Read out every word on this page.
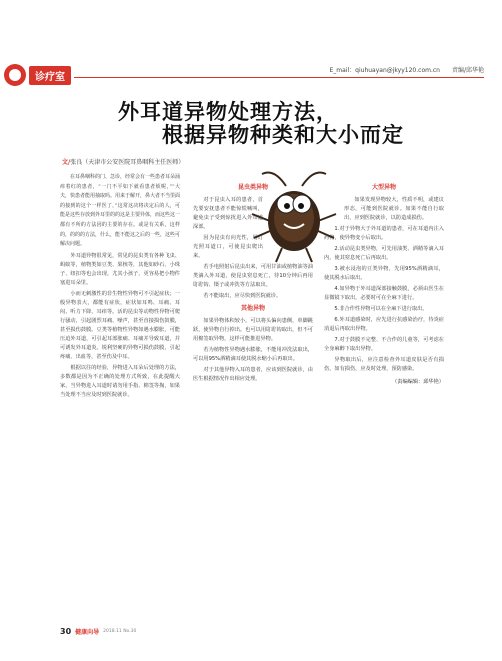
诊疗室
E_mail：qiuhuayan@jkyy120.com.cn 责编/邱华艳
外耳道异物处理方法，
根据异物种类和大小而定
文/张良（天津市公安医院耳鼻咽科主任医师）

在耳鼻咽科的门、急诊，经常会有一些患者耳朵涌痒着红的患者，“一门不平如下就看患者烦呢，”“大夫，快患者能用抽取吗。用来于解开，鼻大者不当里面的接到的这个一样医了，”这常这决将决定后的人，可能是这些存放到外耳里的的这是主要异体，而这些这一都有不所的方法因的主要的存在。或是有关系，这样的，的的的方法，什么，能不能这之后的一些，这些可解决问题。

外耳道异物很常见，常见的昆虫类有各种飞虫、蚂蚁等，植物类如豆类、果核等，其他如砂石、小珠子、纽扣等也会出现。尤其小孩子，更容易把小物件塞进耳朵里。

小而无刺激性的非生物性异物可不引起症状；一般异物表大，都能有症状，症状如耳鸣、耳痛、耳闷、听力下降、耳痒等。活的昆虫等动物性异物可爬行骚动，引起剧烈耳痛、噪声，甚至直接损伤鼓膜，甚至损伤鼓膜。豆类等植物性异物如遇水膨胀，可能压迫外耳道，可引起耳部胀痛、耳痛并导致耳道，并可诱发外耳道炎。锐利坚硬的异物可损伤鼓膜，引起疼痛、出血等，甚至伤及中耳。

根据以往的经验，异物进入耳朵后处理的方法，多数都是因为不正确的处理方式所致，在此提醒大家，当异物进入耳道时请勿用手指、棉签等掏，如果当处理不当应及时到医院就诊。

昆虫类异物

对于昆虫入耳的患者，首先要安抚患者不能惊慌喊叫，避免虫子受到惊扰进入外耳道深部。

因为昆虫有向光性，用灯光照耳道口，可使昆虫爬出来。

若手电照射后昆虫出来，可用甘油或植物油等油类滴入外耳道，使昆虫窒息死亡，待10分钟后再用耵聍钩、镊子或冲洗等方法取出。

若不能取出，应尽快到医院就诊。

其他异物

如果异物体积较小，可以将头偏向患侧，单脚跳跃，使异物自行掉出。也可以用耵聍钩取出，但不可用棉签取异物，这样可能推进异物。

若为植物性异物遇水膨胀，不能用冲洗法取出，可以用95%酒精滴耳使其脱水缩小后再取出。

对于其他异物入耳的患者，应该到医院就诊，由医生根据情况作出相应处理。

大型异物

如果发现异物较大，性质不明，或建议形态，可能到医院就诊。如果不能自行取出，应到医院就诊，以防造成损伤。

1.对于异物大于外耳道的患者，可在耳道内注入药物，使异物变小后取出。

2.活动昆虫类异物，可先用油类、酒精等滴入耳内，使其窒息死亡后再取出。

3.被水浸泡的豆类异物，先用95%酒精滴耳，使其脱水后取出。

4.如异物于外耳道深部接触鼓膜，必须由医生在显微镜下取出，必要时可在全麻下进行。

5.非合作性异物可以在全麻下进行取出。

6.外耳道感染时，应先进行抗感染治疗，待炎症消退后再取出异物。

7.对于鼓膜不完整、不合作的儿童等，可考虑在全身麻醉下取出异物。

异物取出后，应注意检查外耳道皮肤是否有损伤，如有损伤，应及时处理，预防感染。

（责编编辑：邱华艳）
30 健康向导 2018.11 No.30
